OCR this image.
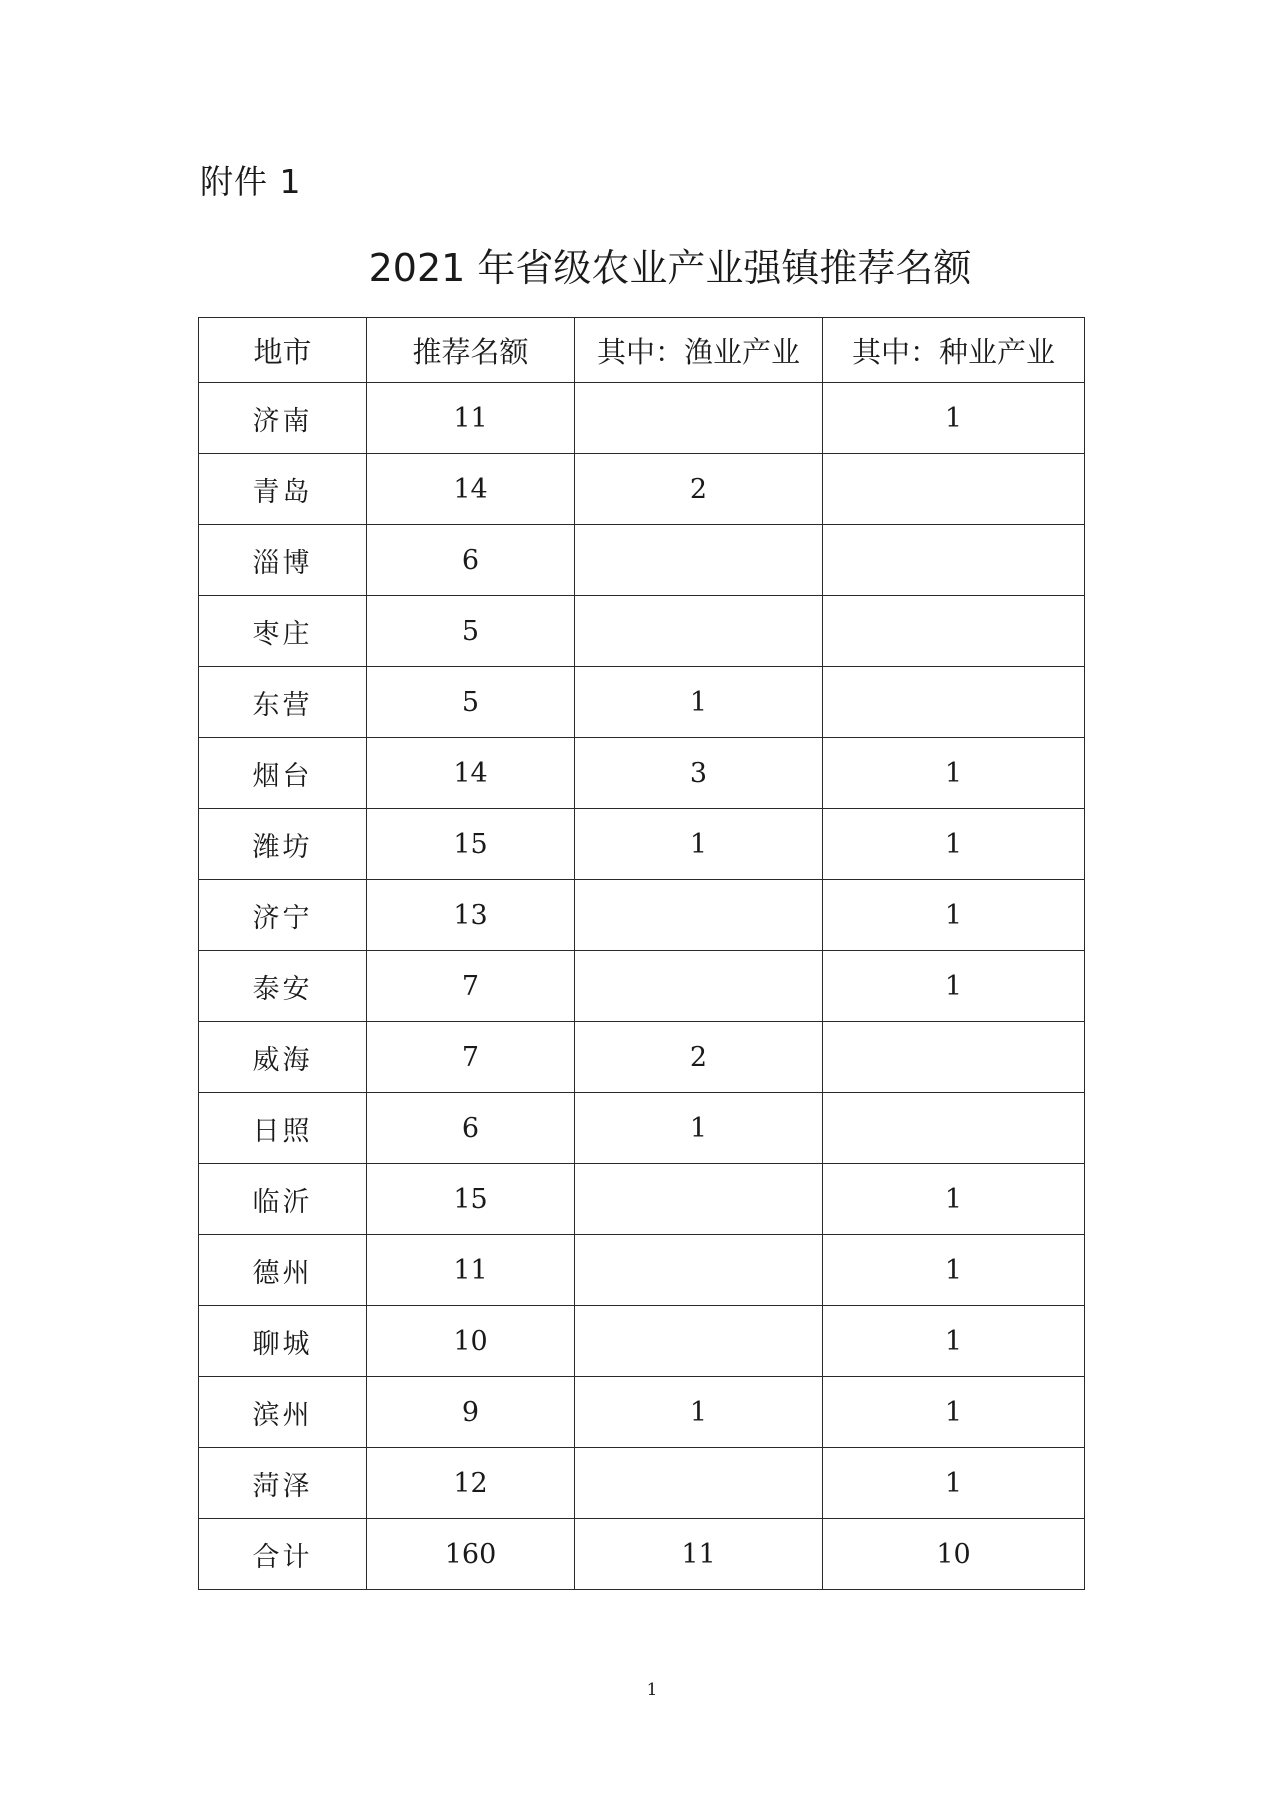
附件 1
2021 年省级农业产业强镇推荐名额
地市	推荐名额	其中：渔业产业	其中：种业产业
济南	11		1
青岛	14	2	
淄博	6		
枣庄	5		
东营	5	1	
烟台	14	3	1
潍坊	15	1	1
济宁	13		1
泰安	7		1
威海	7	2	
日照	6	1	
临沂	15		1
德州	11		1
聊城	10		1
滨州	9	1	1
菏泽	12		1
合计	160	11	10
1
